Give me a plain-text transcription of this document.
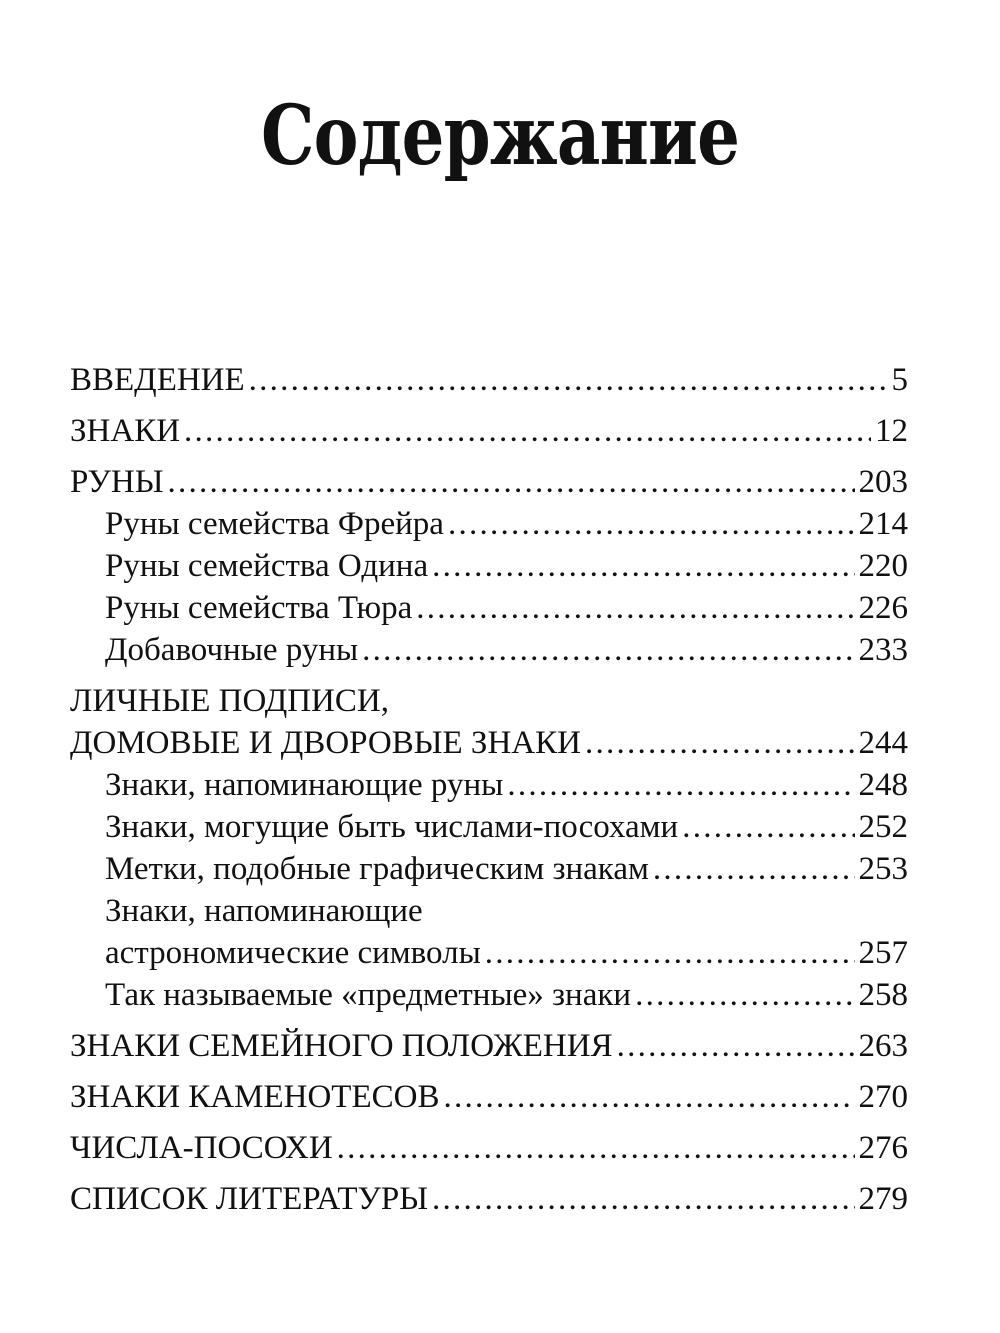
Содержание
ВВЕДЕНИЕ . . .	5
ЗНАКИ . . .	12
РУНЫ . . .	203
Руны семейства Фрейра . . .	214
Руны семейства Одина . . .	220
Руны семейства Тюра . . .	226
Добавочные руны . . .	233
ЛИЧНЫЕ ПОДПИСИ,
ДОМОВЫЕ И ДВОРОВЫЕ ЗНАКИ . . .	244
Знаки, напоминающие руны . . .	248
Знаки, могущие быть числами-посохами . . .	252
Метки, подобные графическим знакам . . .	253
Знаки, напоминающие
астрономические символы . . .	257
Так называемые «предметные» знаки . . .	258
ЗНАКИ СЕМЕЙНОГО ПОЛОЖЕНИЯ . . .	263
ЗНАКИ КАМЕНОТЕСОВ . . .	270
ЧИСЛА-ПОСОХИ . . .	276
СПИСОК ЛИТЕРАТУРЫ . . .	279
